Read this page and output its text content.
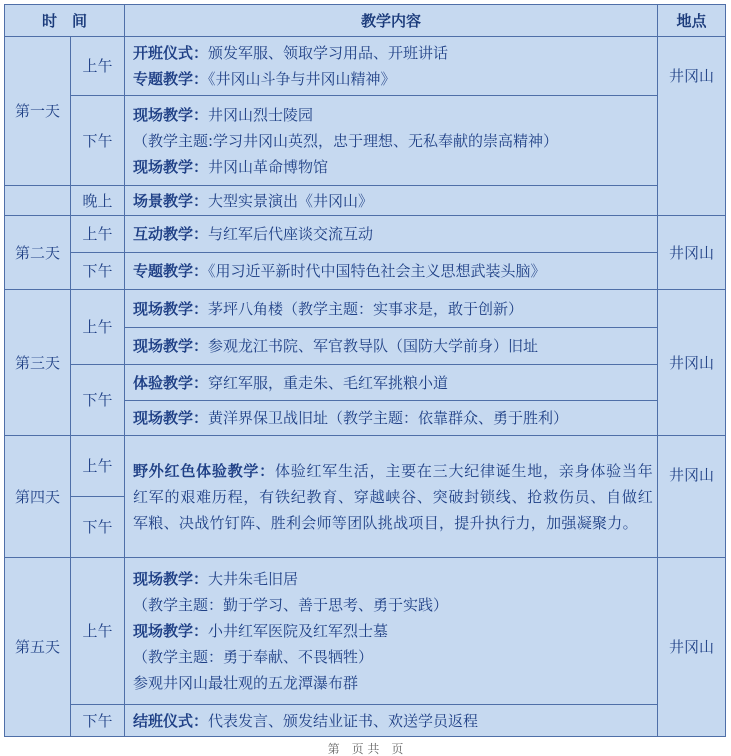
时　间		教学内容	地点
第一天	上午	开班仪式：颁发军服、领取学习用品、开班讲话
专题教学：《井冈山斗争与井冈山精神》	井冈山
	下午	现场教学：井冈山烈士陵园
（教学主题:学习井冈山英烈，忠于理想、无私奉献的崇高精神）
现场教学：井冈山革命博物馆	

	晚上	场景教学：大型实景演出《井冈山》	

第二天	上午	互动教学：与红军后代座谈交流互动	井冈山
	下午	专题教学：《用习近平新时代中国特色社会主义思想武装头脑》	

第三天	上午	现场教学：茅坪八角楼（教学主题：实事求是，敢于创新）	井冈山

		现场教学：参观龙江书院、军官教导队（国防大学前身）旧址	

	下午	体验教学：穿红军服，重走朱、毛红军挑粮小道	

		现场教学：黄洋界保卫战旧址（教学主题：依靠群众、勇于胜利）	

第四天	上午	野外红色体验教学：体验红军生活，主要在三大纪律诞生地，亲身体验当年红军的艰难历程，有铁纪教育、穿越峡谷、突破封锁线、抢救伤员、自做红军粮、决战竹钉阵、胜利会师等团队挑战项目，提升执行力，加强凝聚力。	井冈山
	下午		
第五天	上午	现场教学：大井朱毛旧居
（教学主题：勤于学习、善于思考、勇于实践）
现场教学：小井红军医院及红军烈士墓
（教学主题：勇于奉献、不畏牺牲）
参观井冈山最壮观的五龙潭瀑布群	井冈山
	下午	结班仪式：代表发言、颁发结业证书、欢送学员返程	
第　页 共　页
